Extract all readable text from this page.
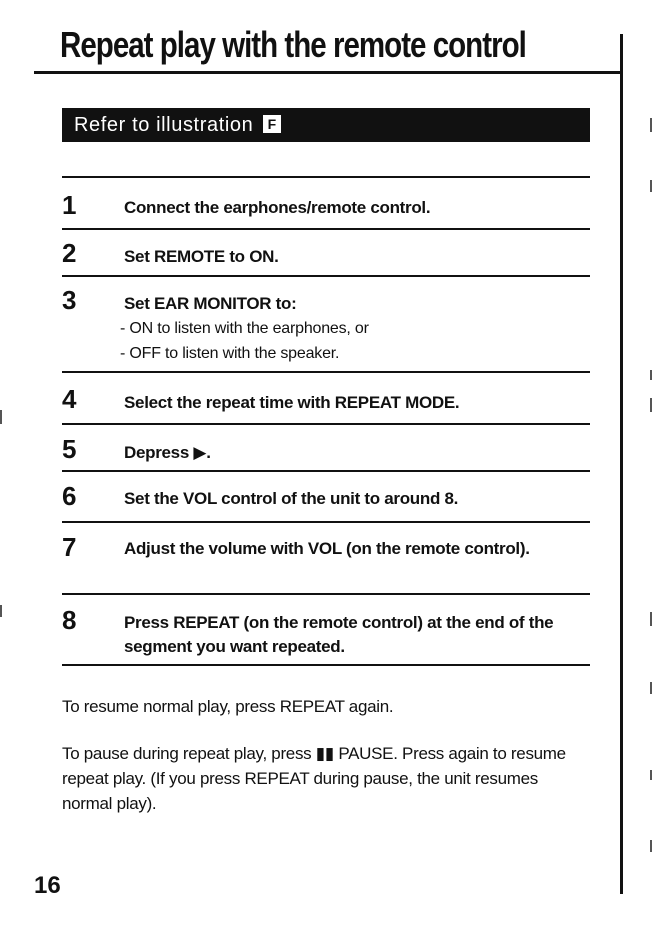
Repeat play with the remote control
Refer to illustration F
1	Connect the earphones/remote control.
2	Set REMOTE to ON.
3	Set EAR MONITOR to:
- ON to listen with the earphones, or
- OFF to listen with the speaker.
4	Select the repeat time with REPEAT MODE.
5	Depress ▶.
6	Set the VOL control of the unit to around 8.
7	Adjust the volume with VOL (on the remote control).
8	Press REPEAT (on the remote control) at the end of the segment you want repeated.
To resume normal play, press REPEAT again.
To pause during repeat play, press ▮▮ PAUSE. Press again to resume repeat play. (If you press REPEAT during pause, the unit resumes normal play).
16
